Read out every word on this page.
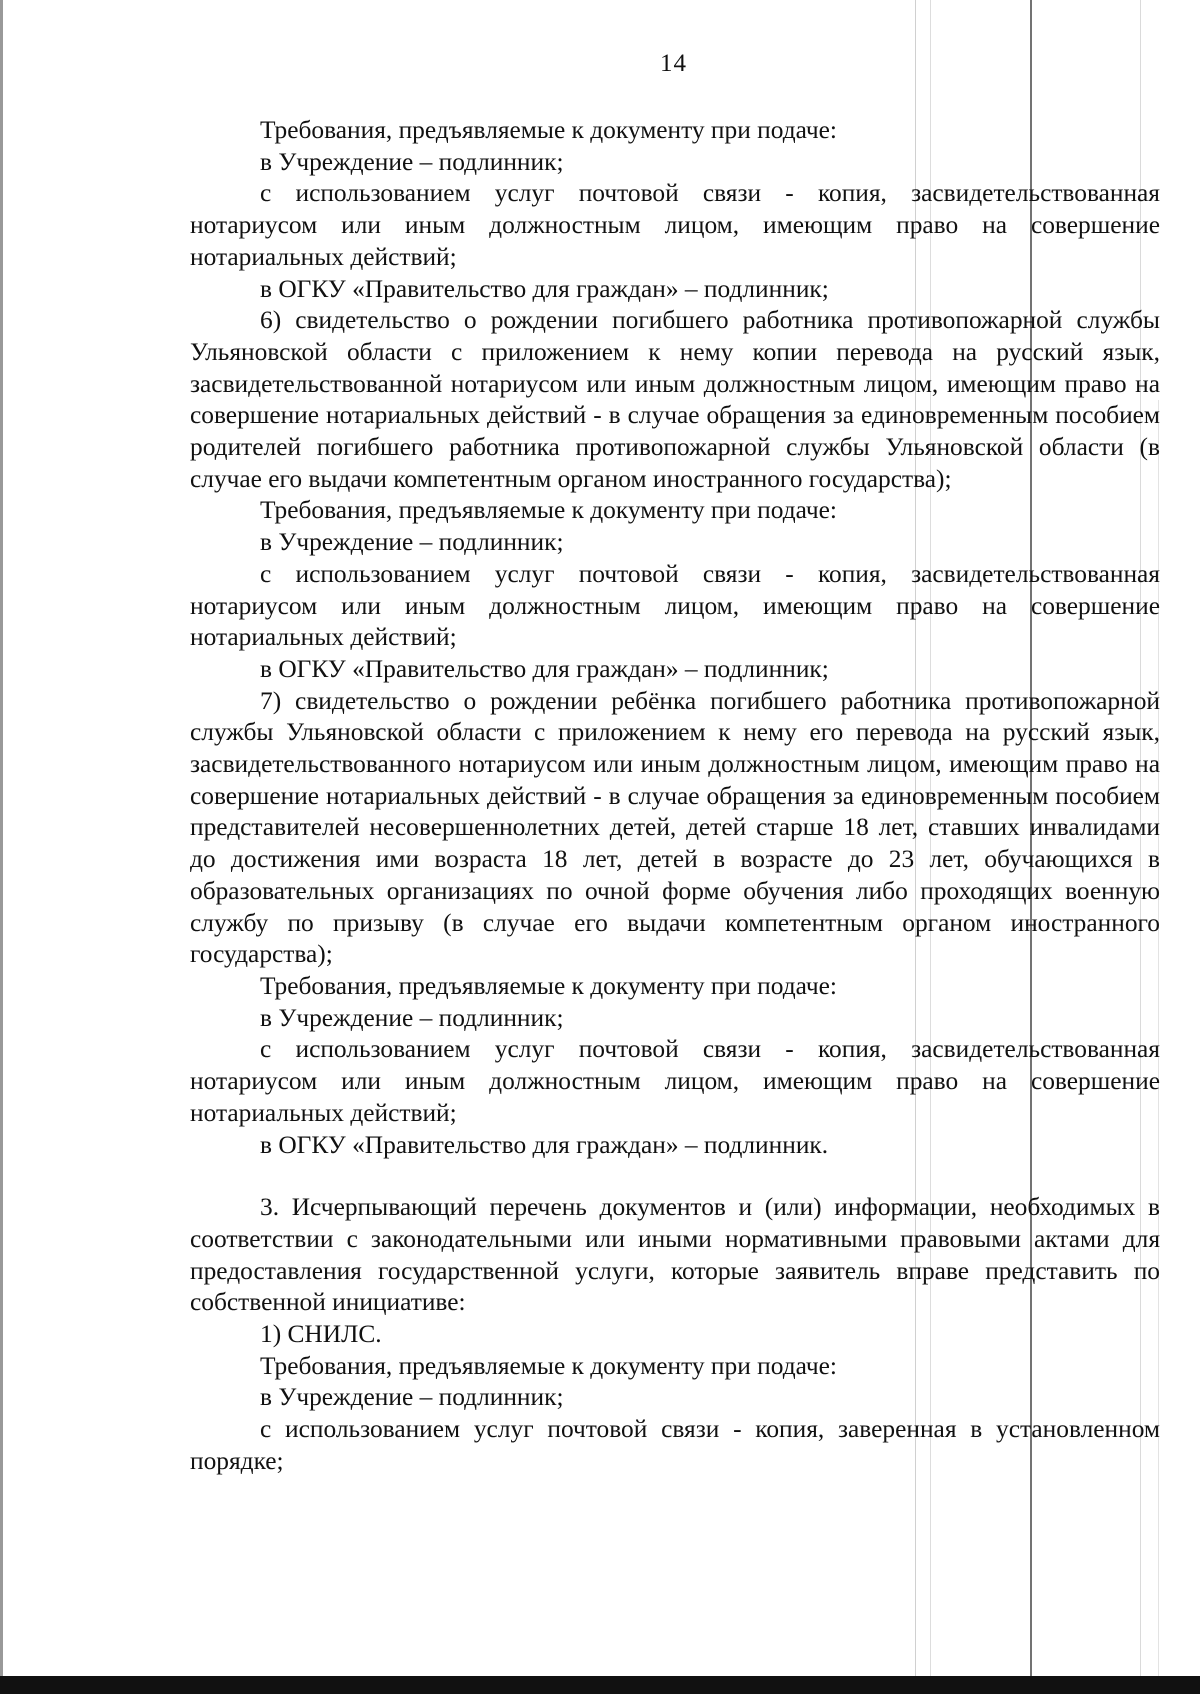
14

Требования, предъявляемые к документу при подаче:

в Учреждение – подлинник;

с использованием услуг почтовой связи - копия, засвидетельствованная нотариусом или иным должностным лицом, имеющим право на совершение нотариальных действий;

в ОГКУ «Правительство для граждан» – подлинник;

6) свидетельство о рождении погибшего работника противопожарной службы Ульяновской области с приложением к нему копии перевода на русский язык, засвидетельствованной нотариусом или иным должностным лицом, имеющим право на совершение нотариальных действий - в случае обращения за единовременным пособием родителей погибшего работника противопожарной службы Ульяновской области (в случае его выдачи компетентным органом иностранного государства);

Требования, предъявляемые к документу при подаче:

в Учреждение – подлинник;

с использованием услуг почтовой связи - копия, засвидетельствованная нотариусом или иным должностным лицом, имеющим право на совершение нотариальных действий;

в ОГКУ «Правительство для граждан» – подлинник;

7) свидетельство о рождении ребёнка погибшего работника противопожарной службы Ульяновской области с приложением к нему его перевода на русский язык, засвидетельствованного нотариусом или иным должностным лицом, имеющим право на совершение нотариальных действий - в случае обращения за единовременным пособием представителей несовершеннолетних детей, детей старше 18 лет, ставших инвалидами до достижения ими возраста 18 лет, детей в возрасте до 23 лет, обучающихся в образовательных организациях по очной форме обучения либо проходящих военную службу по призыву (в случае его выдачи компетентным органом иностранного государства);

Требования, предъявляемые к документу при подаче:

в Учреждение – подлинник;

с использованием услуг почтовой связи - копия, засвидетельствованная нотариусом или иным должностным лицом, имеющим право на совершение нотариальных действий;

в ОГКУ «Правительство для граждан» – подлинник.

3. Исчерпывающий перечень документов и (или) информации, необходимых в соответствии с законодательными или иными нормативными правовыми актами для предоставления государственной услуги, которые заявитель вправе представить по собственной инициативе:

1) СНИЛС.

Требования, предъявляемые к документу при подаче:

в Учреждение – подлинник;

с использованием услуг почтовой связи - копия, заверенная в установленном порядке;
